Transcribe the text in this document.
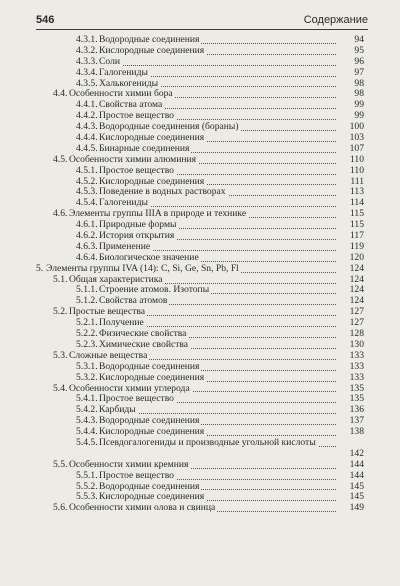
546	Содержание
4.3.1. Водородные соединения	94
4.3.2. Кислородные соединения	95
4.3.3. Соли	96
4.3.4. Галогениды	97
4.3.5. Халькогениды	98
4.4. Особенности химии бора	98
4.4.1. Свойства атома	99
4.4.2. Простое вещество	99
4.4.3. Водородные соединения (бораны)	100
4.4.4. Кислородные соединения	103
4.4.5. Бинарные соединения	107
4.5. Особенности химии алюминия	110
4.5.1. Простое вещество	110
4.5.2. Кислородные соединения	111
4.5.3. Поведение в водных растворах	113
4.5.4. Галогениды	114
4.6. Элементы группы IIIA в природе и технике	115
4.6.1. Природные формы	115
4.6.2. История открытия	117
4.6.3. Применение	119
4.6.4. Биологическое значение	120
5. Элементы группы IVA (14): C, Si, Ge, Sn, Pb, Fl	124
5.1. Общая характеристика	124
5.1.1. Строение атомов. Изотопы	124
5.1.2. Свойства атомов	124
5.2. Простые вещества	127
5.2.1. Получение	127
5.2.2. Физические свойства	128
5.2.3. Химические свойства	130
5.3. Сложные вещества	133
5.3.1. Водородные соединения	133
5.3.2. Кислородные соединения	133
5.4. Особенности химии углерода	135
5.4.1. Простое вещество	135
5.4.2. Карбиды	136
5.4.3. Водородные соединения	137
5.4.4. Кислородные соединения	138
5.4.5. Псевдогалогениды и производные угольной кислоты
142
5.5. Особенности химии кремния	144
5.5.1. Простое вещество	144
5.5.2. Водородные соединения	145
5.5.3. Кислородные соединения	145
5.6. Особенности химии олова и свинца	149
